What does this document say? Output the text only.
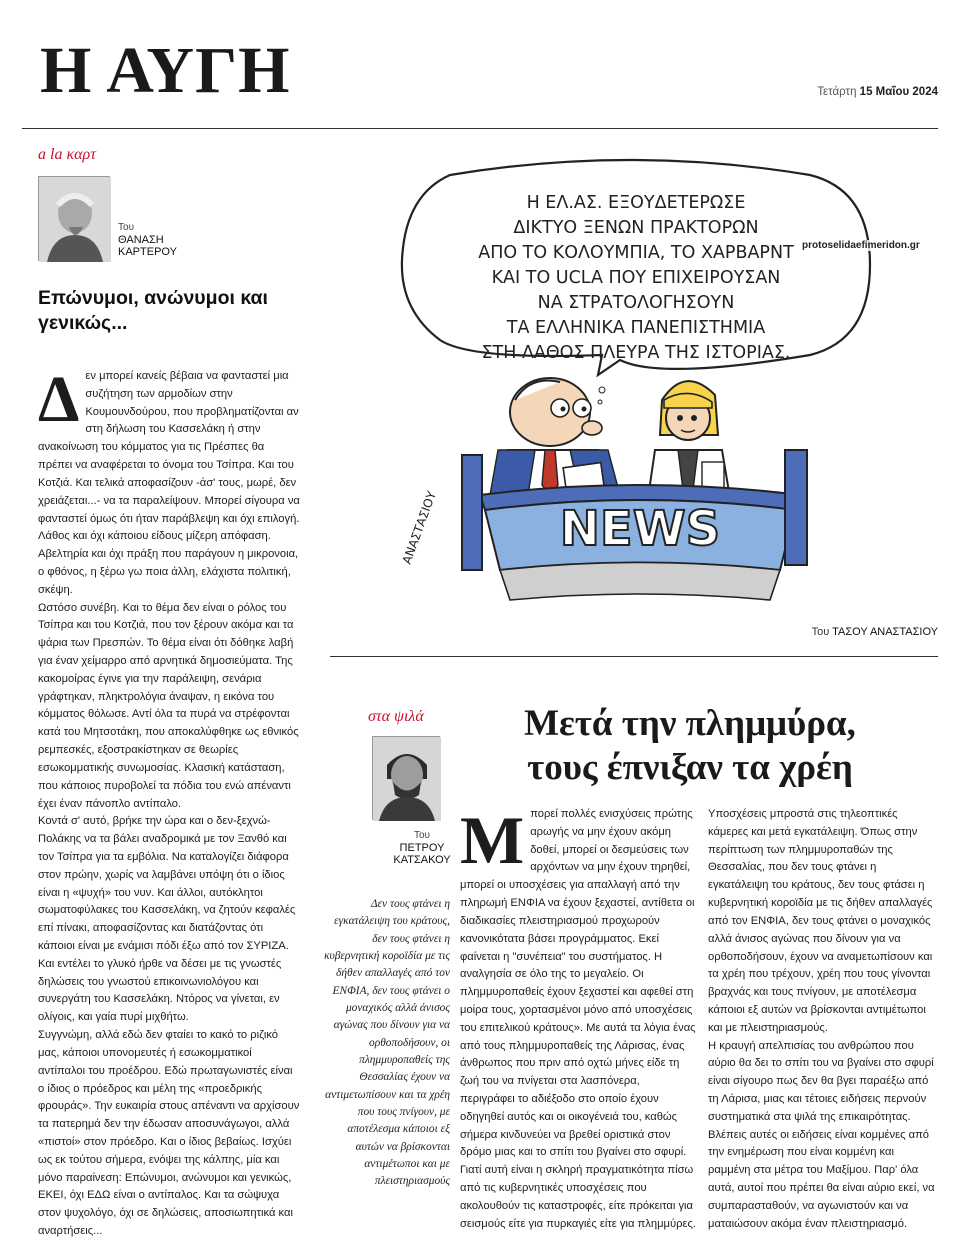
Η ΑΥΓΗ	Τετάρτη 15 Μαΐου 2024
a la καρτ
Του
ΘΑΝΑΣΗ
ΚΑΡΤΕΡΟΥ
Επώνυμοι, ανώνυμοι και γενικώς...

Δεν μπορεί κανείς βέβαια να φανταστεί μια συζήτηση των αρμοδίων στην Κουμουνδούρου, που προβληματίζονται αν στη δήλωση του Κασσελάκη ή στην ανακοίνωση του κόμματος για τις Πρέσπες θα πρέπει να αναφέρεται το όνομα του Τσίπρα. Και του Κοτζιά. Και τελικά αποφασίζουν -άσ' τους, μωρέ, δεν χρειάζεται...- να τα παραλείψουν. Μπορεί σίγουρα να φανταστεί όμως ότι ήταν παράβλεψη και όχι επιλογή. Λάθος και όχι κάποιου είδους μίζερη απόφαση. Αβελτηρία και όχι πράξη που παράγουν η μικρονοια, ο φθόνος, η ξέρω γω ποια άλλη, ελάχιστα πολιτική, σκέψη.

Ωστόσο συνέβη. Και το θέμα δεν είναι ο ρόλος του Τσίπρα και του Κοτζιά, που τον ξέρουν ακόμα και τα ψάρια των Πρεσπών. Το θέμα είναι ότι δόθηκε λαβή για έναν χείμαρρο από αρνητικά δημοσιεύματα. Της κακομοίρας έγινε για την παράλειψη, σενάρια γράφτηκαν, πληκτρολόγια άναψαν, η εικόνα του κόμματος θόλωσε. Αντί όλα τα πυρά να στρέφονται κατά του Μητσοτάκη, που αποκαλύφθηκε ως εθνικός ρεμπεσκές, εξοστρακίστηκαν σε θεωρίες εσωκομματικής συνωμοσίας. Κλασική κατάσταση, που κάποιος πυροβολεί τα πόδια του ενώ απέναντι έχει έναν πάνοπλο αντίπαλο.

Κοντά σ' αυτό, βρήκε την ώρα και ο δεν-ξεχνώ-Πολάκης να τα βάλει αναδρομικά με τον Ξανθό και τον Τσίπρα για τα εμβόλια. Να καταλογίζει διάφορα στον πρώην, χωρίς να λαμβάνει υπόψη ότι ο ίδιος είναι η «ψυχή» του νυν. Και άλλοι, αυτόκλητοι σωματοφύλακες του Κασσελάκη, να ζητούν κεφαλές επί πίνακι, αποφασίζοντας και διατάζοντας ότι κάποιοι είναι με ενάμισι πόδι έξω από τον ΣΥΡΙΖΑ. Και εντέλει το γλυκό ήρθε να δέσει με τις γνωστές δηλώσεις του γνωστού επικοινωνιολόγου και συνεργάτη του Κασσελάκη. Ντόρος να γίνεται, εν ολίγοις, και γαία πυρί μιχθήτω.

Συγγνώμη, αλλά εδώ δεν φταίει το κακό το ριζικό μας, κάποιοι υπονομευτές ή εσωκομματικοί αντίπαλοι του προέδρου. Εδώ πρωταγωνιστές είναι ο ίδιος ο πρόεδρος και μέλη της «προεδρικής φρουράς». Την ευκαιρία στους απέναντι να αρχίσουν τα πατερημά δεν την έδωσαν αποσυνάγωγοι, αλλά «πιστοί» στον πρόεδρο. Και ο ίδιος βεβαίως. Ισχύει ως εκ τούτου σήμερα, ενόψει της κάλπης, μία και μόνο παραίνεση: Επώνυμοι, ανώνυμοι και γενικώς, ΕΚΕΙ, όχι ΕΔΩ είναι ο αντίπαλος. Και τα σώψυχα στον ψυχολόγο, όχι σε δηλώσεις, αποσιωπητικά και αναρτήσεις...

Η ΕΛ.ΑΣ. ΕΞΟΥΔΕΤΕΡΩΣΕ
ΔΙΚΤΥΟ ΞΕΝΩΝ ΠΡΑΚΤΟΡΩΝ
ΑΠΟ ΤΟ ΚΟΛΟΥΜΠΙΑ, ΤΟ ΧΑΡΒΑΡΝΤ
ΚΑΙ ΤΟ UCLA ΠΟΥ ΕΠΙΧΕΙΡΟΥΣΑΝ
ΝΑ ΣΤΡΑΤΟΛΟΓΗΣΟΥΝ
ΤΑ ΕΛΛΗΝΙΚΑ ΠΑΝΕΠΙΣΤΗΜΙΑ
ΣΤΗ ΛΑΘΟΣ ΠΛΕΥΡΑ ΤΗΣ ΙΣΤΟΡΙΑΣ.
NEWS
ΑΝΑΣΤΑΣΙΟΥ
protoselidaefimeridon.gr
Του ΤΑΣΟΥ ΑΝΑΣΤΑΣΙΟΥ
στα ψιλά
Του
ΠΕΤΡΟΥ
ΚΑΤΣΑΚΟΥ
Μετά την πλημμύρα,
τους έπνιξαν τα χρέη
Δεν τους φτάνει η εγκατάλειψη του κράτους, δεν τους φτάνει η κυβερνητική κοροϊδία με τις δήθεν απαλλαγές από τον ΕΝΦΙΑ, δεν τους φτάνει ο μοναχικός αλλά άνισος αγώνας που δίνουν για να ορθοποδήσουν, οι πλημμυροπαθείς της Θεσσαλίας έχουν να αντιμετωπίσουν και τα χρέη που τους πνίγουν, με αποτέλεσμα κάποιοι εξ αυτών να βρίσκονται αντιμέτωποι και με πλειστηριασμούς

Μπορεί πολλές ενισχύσεις πρώτης αρωγής να μην έχουν ακόμη δοθεί, μπορεί οι δεσμεύσεις των αρχόντων να μην έχουν τηρηθεί, μπορεί οι υποσχέσεις για απαλλαγή από την πληρωμή ΕΝΦΙΑ να έχουν ξεχαστεί, αντίθετα οι διαδικασίες πλειστηριασμού προχωρούν κανονικότατα βάσει προγράμματος. Εκεί φαίνεται η "συνέπεια" του συστήματος. Η αναλγησία σε όλο της το μεγαλείο. Οι πλημμυροπαθείς έχουν ξεχαστεί και αφεθεί στη μοίρα τους, χορτασμένοι μόνο από υποσχέσεις του επιτελικού κράτους». Με αυτά τα λόγια ένας από τους πλημμυροπαθείς της Λάρισας, ένας άνθρωπος που πριν από οχτώ μήνες είδε τη ζωή του να πνίγεται στα λασπόνερα, περιγράφει το αδιέξοδο στο οποίο έχουν οδηγηθεί αυτός και οι οικογένειά του, καθώς σήμερα κινδυνεύει να βρεθεί οριστικά στον δρόμο μιας και το σπίτι του βγαίνει στο σφυρί.

Γιατί αυτή είναι η σκληρή πραγματικότητα πίσω από τις κυβερνητικές υποσχέσεις που ακολουθούν τις καταστροφές, είτε πρόκειται για σεισμούς είτε για πυρκαγιές είτε για πλημμύρες.

Υποσχέσεις μπροστά στις τηλεοπτικές κάμερες και μετά εγκατάλειψη. Όπως στην περίπτωση των πλημμυροπαθών της Θεσσαλίας, που δεν τους φτάνει η εγκατάλειψη του κράτους, δεν τους φτάσει η κυβερνητική κοροϊδία με τις δήθεν απαλλαγές από τον ΕΝΦΙΑ, δεν τους φτάνει ο μοναχικός αλλά άνισος αγώνας που δίνουν για να ορθοποδήσουν, έχουν να αναμετωπίσουν και τα χρέη που τρέχουν, χρέη που τους γίνονται βραχνάς και τους πνίγουν, με αποτέλεσμα κάποιοι εξ αυτών να βρίσκονται αντιμέτωποι και με πλειστηριασμούς.

Η κραυγή απελπισίας του ανθρώπου που αύριο θα δει το σπίτι του να βγαίνει στο σφυρί είναι σίγουρο πως δεν θα βγει παραέξω από τη Λάρισα, μιας και τέτοιες ειδήσεις περνούν συστηματικά στα ψιλά της επικαιρότητας. Βλέπεις αυτές οι ειδήσεις είναι κομμένες από την ενημέρωση που είναι κομμένη και ραμμένη στα μέτρα του Μαξίμου. Παρ' όλα αυτά, αυτοί που πρέπει θα είναι αύριο εκεί, να συμπαρασταθούν, να αγωνιστούν και να ματαιώσουν ακόμα έναν πλειστηριασμό.
